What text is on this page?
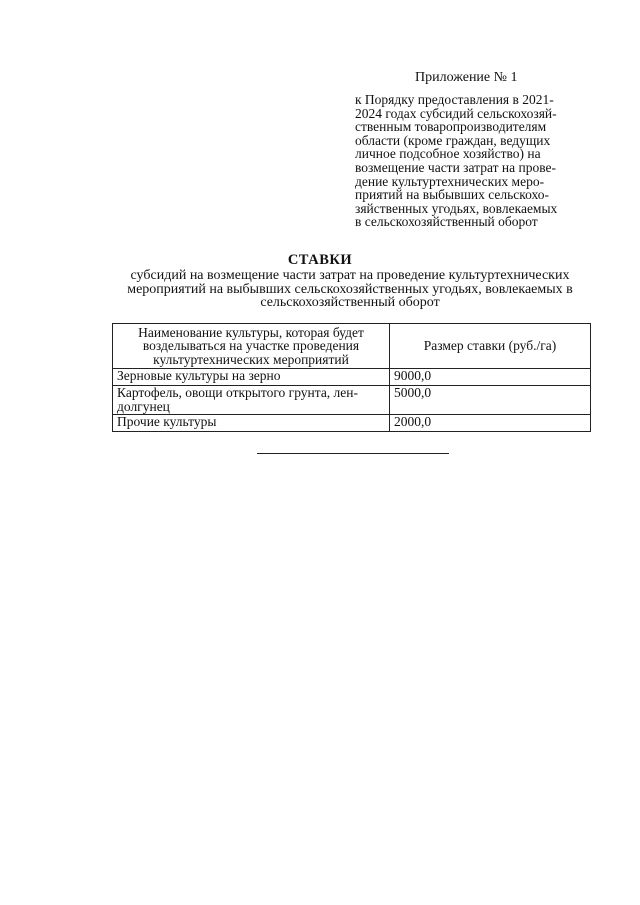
Приложение № 1
к Порядку предоставления в 2021-
2024 годах субсидий сельскохозяй-
ственным товаропроизводителям
области (кроме граждан, ведущих
личное подсобное хозяйство) на
возмещение части затрат на прове-
дение культуртехнических меро-
приятий на выбывших сельскохо-
зяйственных угодьях, вовлекаемых
в сельскохозяйственный оборот
СТАВКИ
субсидий на возмещение части затрат на проведение культуртехнических
мероприятий на выбывших сельскохозяйственных угодьях, вовлекаемых в
сельскохозяйственный оборот
Наименование культуры, которая будет
возделываться на участке проведения
культуртехнических мероприятий	Размер ставки (руб./га)

Зерновые культуры на зерно	9000,0

Картофель, овощи открытого грунта, лен-
долгунец	5000,0

Прочие культуры	2000,0
